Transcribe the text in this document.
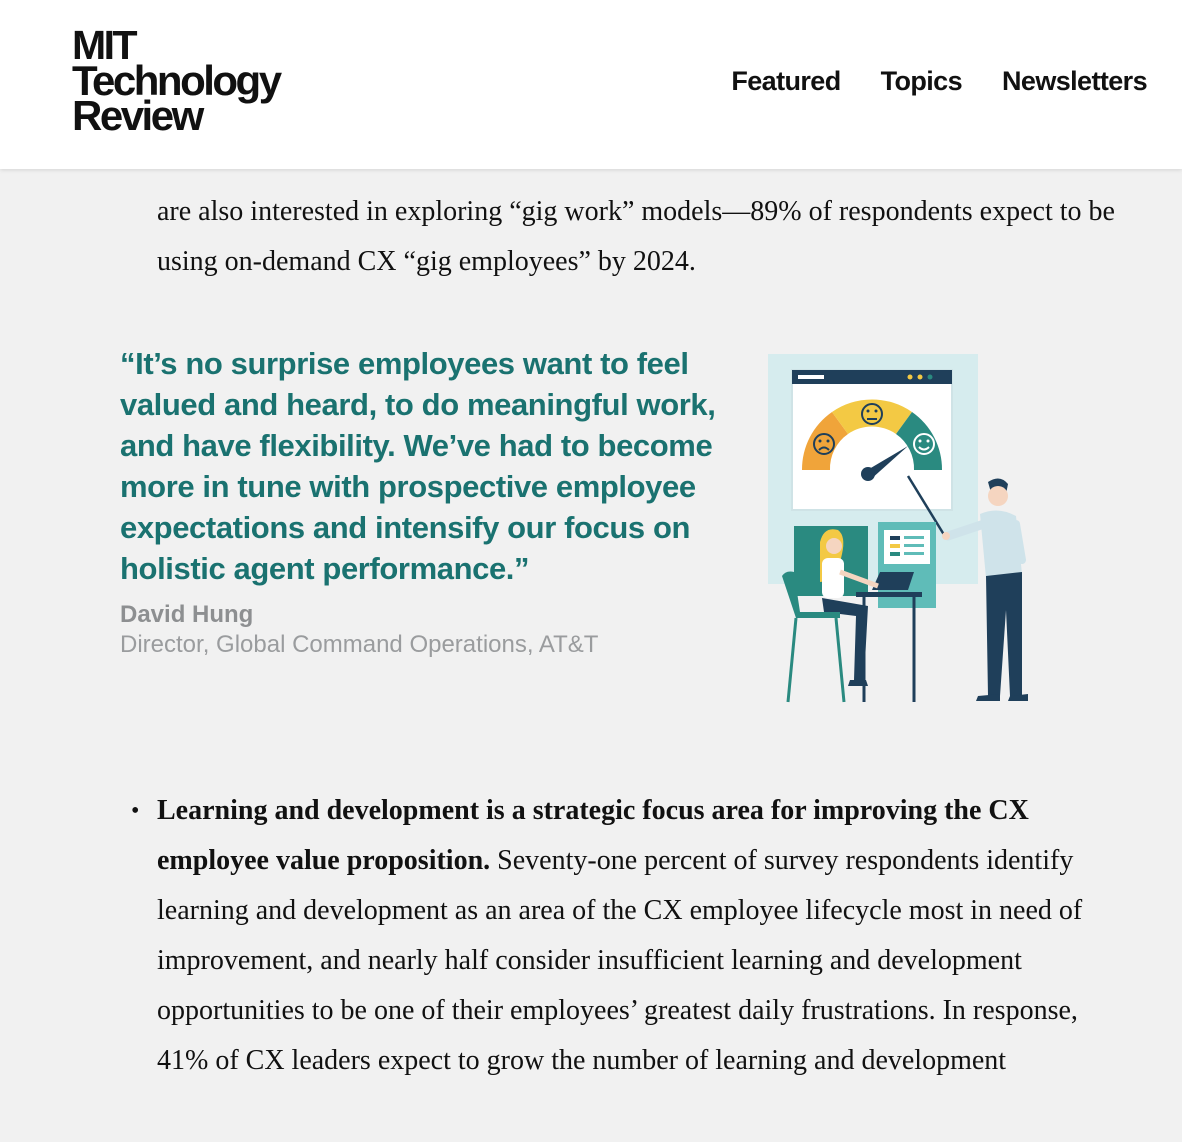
MIT
Technology
Review
Featured Topics Newsletters
are also interested in exploring “gig work” models—89% of respondents expect to be using on-demand CX “gig employees” by 2024.
“It’s no surprise employees want to feel valued and heard, to do meaningful work, and have flexibility. We’ve had to become more in tune with prospective employee expectations and intensify our focus on holistic agent performance.”
David Hung
Director, Global Command Operations, AT&T
• Learning and development is a strategic focus area for improving the CX employee value proposition. Seventy-one percent of survey respondents identify learning and development as an area of the CX employee lifecycle most in need of improvement, and nearly half consider insufficient learning and development opportunities to be one of their employees’ greatest daily frustrations. In response, 41% of CX leaders expect to grow the number of learning and development
